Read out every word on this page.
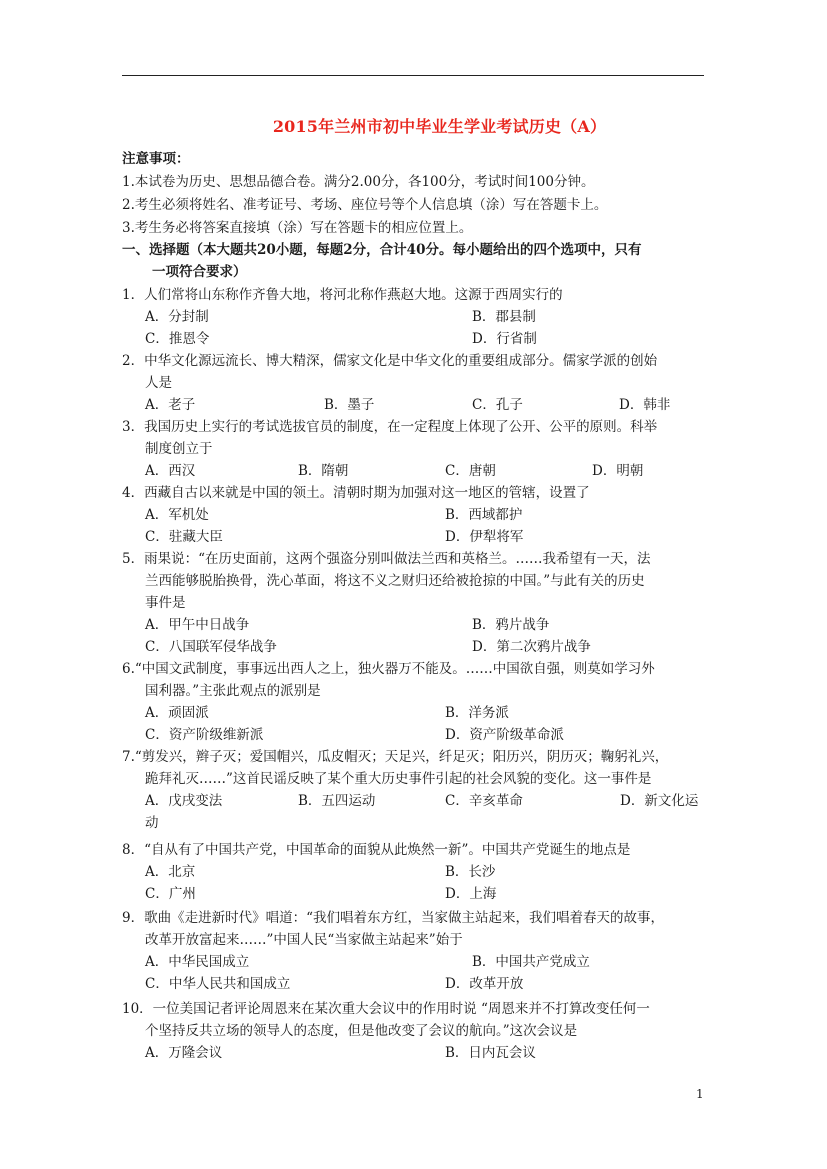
2015年兰州市初中毕业生学业考试历史（A）
注意事项：
1.本试卷为历史、思想品德合卷。满分2.00分，各100分，考试时间100分钟。
2.考生必须将姓名、准考证号、考场、座位号等个人信息填（涂）写在答题卡上。
3.考生务必将答案直接填（涂）写在答题卡的相应位置上。
一、选择题（本大题共20小题，每题2分，合计40分。每小题给出的四个选项中，只有
一项符合要求）
1．人们常将山东称作齐鲁大地，将河北称作燕赵大地。这源于西周实行的
A．分封制	B．郡县制
C．推恩令	D．行省制
2．中华文化源远流长、博大精深，儒家文化是中华文化的重要组成部分。儒家学派的创始
人是
A．老子	B．墨子	C．孔子	D．韩非
3．我国历史上实行的考试选拔官员的制度，在一定程度上体现了公开、公平的原则。科举
制度创立于
A．西汉	B．隋朝	C．唐朝	D．明朝
4．西藏自古以来就是中国的领土。清朝时期为加强对这一地区的管辖，设置了
A．军机处	B．西域都护
C．驻藏大臣	D．伊犁将军
5．雨果说：“在历史面前，这两个强盗分别叫做法兰西和英格兰。……我希望有一天，法
兰西能够脱胎换骨，洗心革面，将这不义之财归还给被抢掠的中国。”与此有关的历史
事件是
A．甲午中日战争	B．鸦片战争
C．八国联军侵华战争	D．第二次鸦片战争
6.“中国文武制度，事事远出西人之上，独火器万不能及。……中国欲自强，则莫如学习外
国利器。”主张此观点的派别是
A．顽固派	B．洋务派
C．资产阶级维新派	D．资产阶级革命派
7.“剪发兴，辫子灭；爱国帽兴，瓜皮帽灭；天足兴，纤足灭；阳历兴，阴历灭；鞠躬礼兴，
跪拜礼灭……”这首民谣反映了某个重大历史事件引起的社会风貌的变化。这一事件是
A．戊戌变法	B．五四运动	C．辛亥革命	D．新文化运
动
8．“自从有了中国共产党，中国革命的面貌从此焕然一新”。中国共产党诞生的地点是
A．北京	B．长沙
C．广州	D．上海
9．歌曲《走进新时代》唱道：“我们唱着东方红，当家做主站起来，我们唱着春天的故事，
改革开放富起来……”中国人民“当家做主站起来”始于
A．中华民国成立	B．中国共产党成立
C．中华人民共和国成立	D．改革开放
10．一位美国记者评论周恩来在某次重大会议中的作用时说 “周恩来并不打算改变任何一
个坚持反共立场的领导人的态度，但是他改变了会议的航向。”这次会议是
A．万隆会议	B．日内瓦会议
1
